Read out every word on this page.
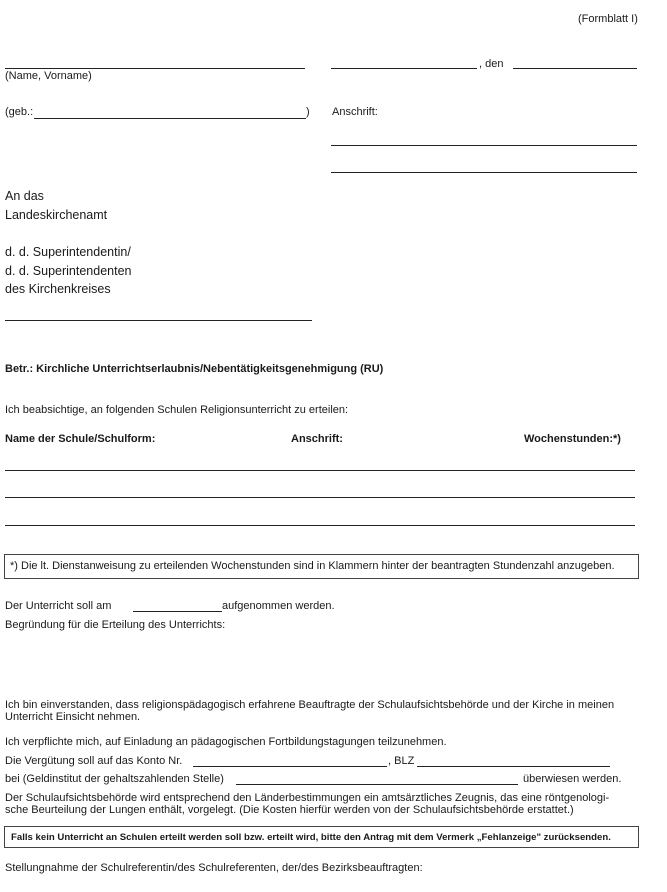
(Formblatt I)
(Name, Vorname)
, den
(geb.:	) Anschrift:
An das
Landeskirchenamt
d. d. Superintendentin/
d. d. Superintendenten
des Kirchenkreises
Betr.: Kirchliche Unterrichtserlaubnis/Nebentätigkeitsgenehmigung (RU)
Ich beabsichtige, an folgenden Schulen Religionsunterricht zu erteilen:
Name der Schule/Schulform:	Anschrift:	Wochenstunden:*)
*) Die lt. Dienstanweisung zu erteilenden Wochenstunden sind in Klammern hinter der beantragten Stundenzahl anzugeben.
Der Unterricht soll am	aufgenommen werden.
Begründung für die Erteilung des Unterrichts:
Ich bin einverstanden, dass religionspädagogisch erfahrene Beauftragte der Schulaufsichtsbehörde und der Kirche in meinen
Unterricht Einsicht nehmen.
Ich verpflichte mich, auf Einladung an pädagogischen Fortbildungstagungen teilzunehmen.
Die Vergütung soll auf das Konto Nr.	, BLZ
bei (Geldinstitut der gehaltszahlenden Stelle)	überwiesen werden.
Der Schulaufsichtsbehörde wird entsprechend den Länderbestimmungen ein amtsärztliches Zeugnis, das eine röntgenologi-
sche Beurteilung der Lungen enthält, vorgelegt. (Die Kosten hierfür werden von der Schulaufsichtsbehörde erstattet.)
Falls kein Unterricht an Schulen erteilt werden soll bzw. erteilt wird, bitte den Antrag mit dem Vermerk „Fehlanzeige" zurücksenden.
Stellungnahme der Schulreferentin/des Schulreferenten, der/des Bezirksbeauftragten:
